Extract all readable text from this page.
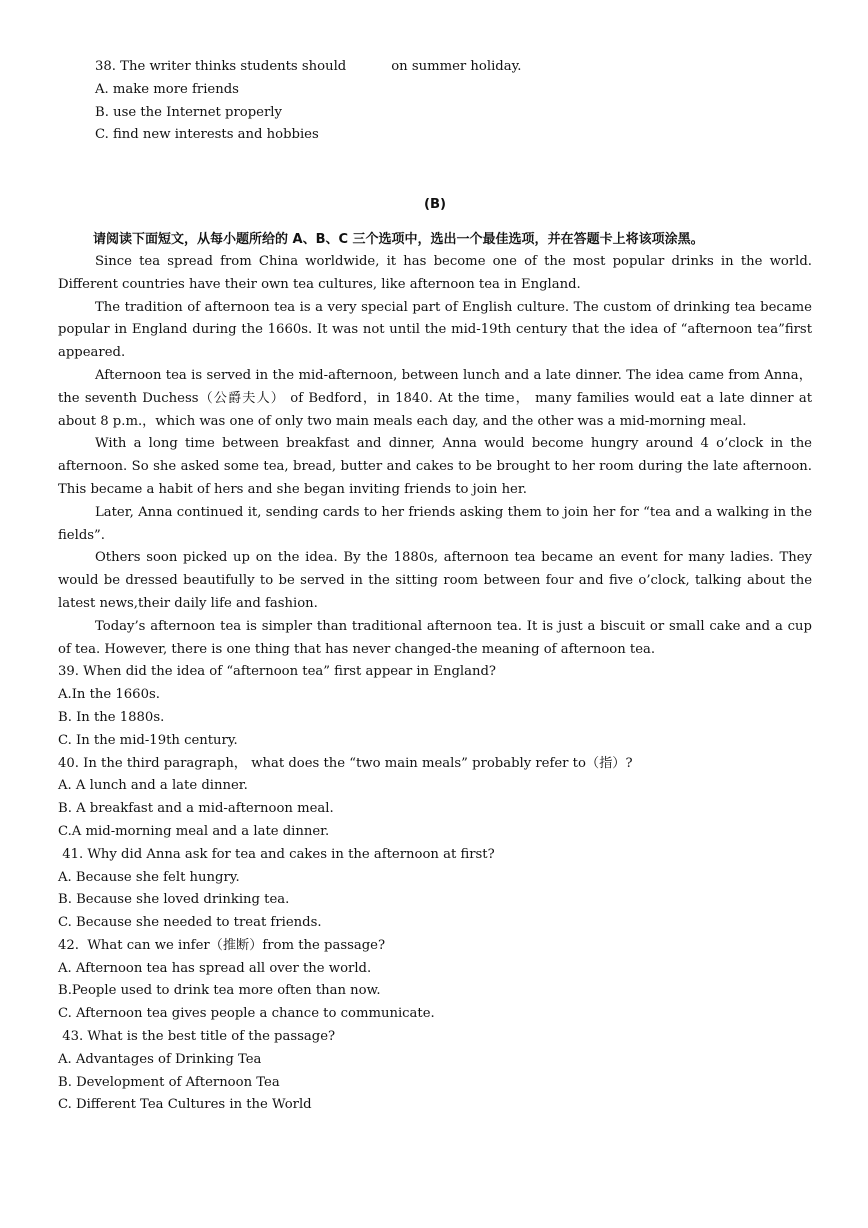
38. The writer thinks students should	on summer holiday.
A. make more friends
B. use the Internet properly
C. find new interests and hobbies
(B)
请阅读下面短文，从每小题所给的 A、B、C 三个选项中，选出一个最佳选项，并在答题卡上将该项涂黑。

Since tea spread from China worldwide, it has become one of the most popular drinks in the world. Different countries have their own tea cultures, like afternoon tea in England.

The tradition of afternoon tea is a very special part of English culture. The custom of drinking tea became popular in England during the 1660s. It was not until the mid-19th century that the idea of “afternoon tea”first appeared.

Afternoon tea is served in the mid-afternoon, between lunch and a late dinner. The idea came from Anna，the seventh Duchess（公爵夫人） of Bedford，in 1840. At the time， many families would eat a late dinner at about 8 p.m.，which was one of only two main meals each day, and the other was a mid-morning meal.

With a long time between breakfast and dinner, Anna would become hungry around 4 o’clock in the afternoon. So she asked some tea, bread, butter and cakes to be brought to her room during the late afternoon. This became a habit of hers and she began inviting friends to join her.

Later, Anna continued it, sending cards to her friends asking them to join her for “tea and a walking in the fields”.

Others soon picked up on the idea. By the 1880s, afternoon tea became an event for many ladies. They would be dressed beautifully to be served in the sitting room between four and five o’clock, talking about the latest news,their daily life and fashion.

Today’s afternoon tea is simpler than traditional afternoon tea. It is just a biscuit or small cake and a cup of tea. However, there is one thing that has never changed-the meaning of afternoon tea.

39. When did the idea of “afternoon tea” first appear in England?
A.In the 1660s.
B. In the 1880s.
C. In the mid-19th century.
40. In the third paragraph， what does the “two main meals” probably refer to（指）?
A. A lunch and a late dinner.
B. A breakfast and a mid-afternoon meal.
C.A mid-morning meal and a late dinner.
41. Why did Anna ask for tea and cakes in the afternoon at first?
A. Because she felt hungry.
B. Because she loved drinking tea.
C. Because she needed to treat friends.
42.  What can we infer（推断）from the passage?
A. Afternoon tea has spread all over the world.
B.People used to drink tea more often than now.
C. Afternoon tea gives people a chance to communicate.
43. What is the best title of the passage?
A. Advantages of Drinking Tea
B. Development of Afternoon Tea
C. Different Tea Cultures in the World
